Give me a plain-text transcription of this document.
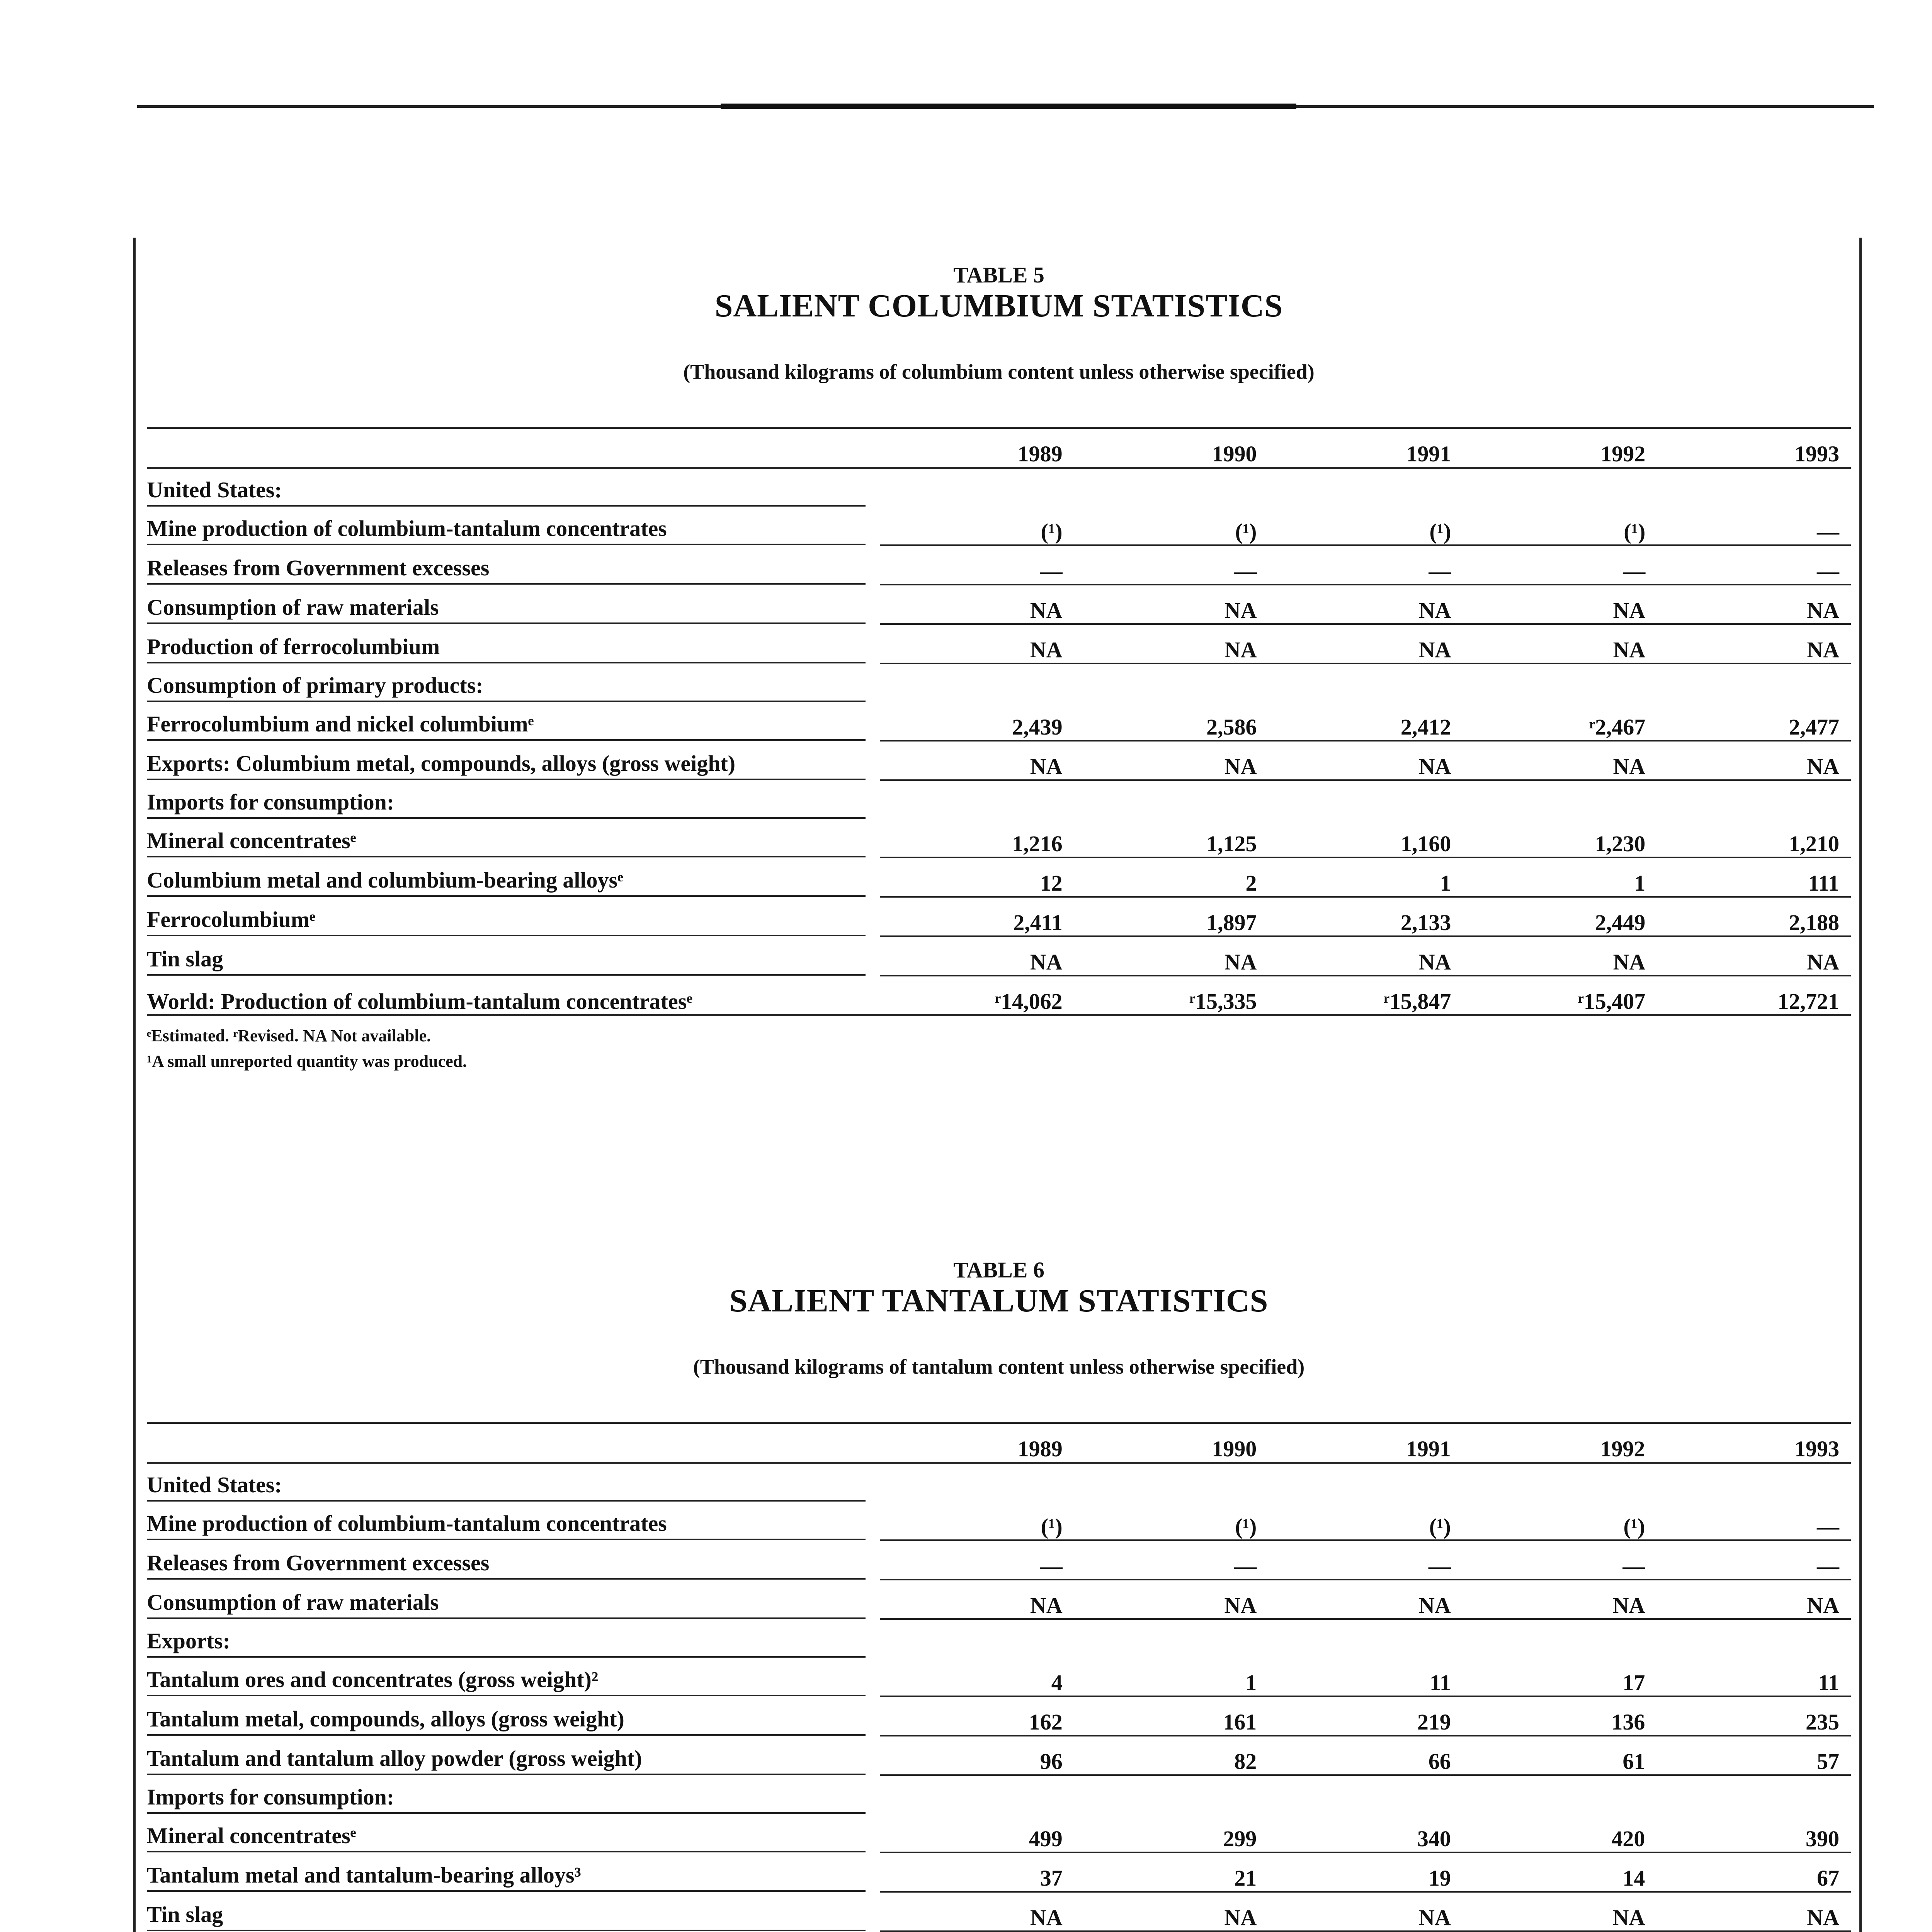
TABLE 5
SALIENT COLUMBIUM STATISTICS
(Thousand kilograms of columbium content unless otherwise specified)
	1989	1990	1991	1992	1993
United States:					
Mine production of columbium-tantalum concentrates	(¹)	(¹)	(¹)	(¹)	—
Releases from Government excesses	—	—	—	—	—
Consumption of raw materials	NA	NA	NA	NA	NA
Production of ferrocolumbium	NA	NA	NA	NA	NA
Consumption of primary products:					
Ferrocolumbium and nickel columbiumᵉ	2,439	2,586	2,412	ʳ2,467	2,477
Exports: Columbium metal, compounds, alloys (gross weight)	NA	NA	NA	NA	NA
Imports for consumption:					
Mineral concentratesᵉ	1,216	1,125	1,160	1,230	1,210
Columbium metal and columbium-bearing alloysᵉ	12	2	1	1	111
Ferrocolumbiumᵉ	2,411	1,897	2,133	2,449	2,188
Tin slag	NA	NA	NA	NA	NA
World: Production of columbium-tantalum concentratesᵉ	ʳ14,062	ʳ15,335	ʳ15,847	ʳ15,407	12,721
ᵉEstimated. ʳRevised. NA Not available.
¹A small unreported quantity was produced.
TABLE 6
SALIENT TANTALUM STATISTICS
(Thousand kilograms of tantalum content unless otherwise specified)
	1989	1990	1991	1992	1993
United States:					
Mine production of columbium-tantalum concentrates	(¹)	(¹)	(¹)	(¹)	—
Releases from Government excesses	—	—	—	—	—
Consumption of raw materials	NA	NA	NA	NA	NA
Exports:					
Tantalum ores and concentrates (gross weight)²	4	1	11	17	11
Tantalum metal, compounds, alloys (gross weight)	162	161	219	136	235
Tantalum and tantalum alloy powder (gross weight)	96	82	66	61	57
Imports for consumption:					
Mineral concentratesᵉ	499	299	340	420	390
Tantalum metal and tantalum-bearing alloys³	37	21	19	14	67
Tin slag	NA	NA	NA	NA	NA
